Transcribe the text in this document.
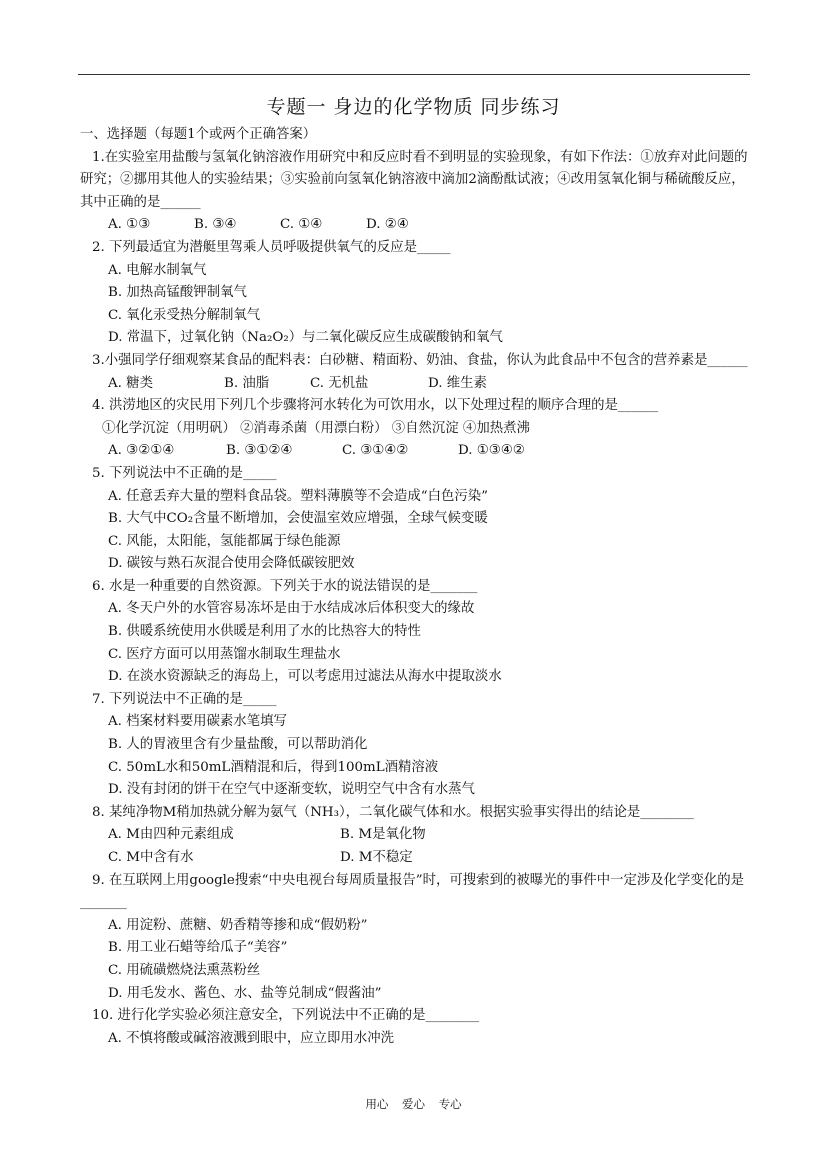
专题一 身边的化学物质 同步练习
一、选择题（每题1个或两个正确答案）
1.在实验室用盐酸与氢氧化钠溶液作用研究中和反应时看不到明显的实验现象，有如下作法：①放弃对此问题的研究；②挪用其他人的实验结果；③实验前向氢氧化钠溶液中滴加2滴酚酞试液；④改用氢氧化铜与稀硫酸反应，其中正确的是______
A. ①③	B. ③④	C. ①④	D. ②④
2. 下列最适宜为潜艇里驾乘人员呼吸提供氧气的反应是_____
A. 电解水制氧气
B. 加热高锰酸钾制氧气
C. 氧化汞受热分解制氧气
D. 常温下，过氧化钠（Na₂O₂）与二氧化碳反应生成碳酸钠和氧气
3.小强同学仔细观察某食品的配料表：白砂糖、精面粉、奶油、食盐，你认为此食品中不包含的营养素是______
A. 糖类	B. 油脂	C. 无机盐	D. 维生素
4. 洪涝地区的灾民用下列几个步骤将河水转化为可饮用水，以下处理过程的顺序合理的是______
①化学沉淀（用明矾） ②消毒杀菌（用漂白粉） ③自然沉淀 ④加热煮沸
A. ③②①④	B. ③①②④	C. ③①④②	D. ①③④②
5. 下列说法中不正确的是_____
A. 任意丢弃大量的塑料食品袋。塑料薄膜等不会造成“白色污染”
B. 大气中CO₂含量不断增加，会使温室效应增强，全球气候变暖
C. 风能，太阳能，氢能都属于绿色能源
D. 碳铵与熟石灰混合使用会降低碳铵肥效
6. 水是一种重要的自然资源。下列关于水的说法错误的是_______
A. 冬天户外的水管容易冻坏是由于水结成冰后体积变大的缘故
B. 供暖系统使用水供暖是利用了水的比热容大的特性
C. 医疗方面可以用蒸馏水制取生理盐水
D. 在淡水资源缺乏的海岛上，可以考虑用过滤法从海水中提取淡水
7. 下列说法中不正确的是_____
A. 档案材料要用碳素水笔填写
B. 人的胃液里含有少量盐酸，可以帮助消化
C. 50mL水和50mL酒精混和后，得到100mL酒精溶液
D. 没有封闭的饼干在空气中逐渐变软，说明空气中含有水蒸气
8. 某纯净物M稍加热就分解为氨气（NH₃），二氧化碳气体和水。根据实验事实得出的结论是________
A. M由四种元素组成	B. M是氧化物
C. M中含有水	D. M不稳定
9. 在互联网上用google搜索“中央电视台每周质量报告”时，可搜索到的被曝光的事件中一定涉及化学变化的是_______
A. 用淀粉、蔗糖、奶香精等掺和成“假奶粉”
B. 用工业石蜡等给瓜子“美容”
C. 用硫磺燃烧法熏蒸粉丝
D. 用毛发水、酱色、水、盐等兑制成“假酱油”
10. 进行化学实验必须注意安全，下列说法中不正确的是________
A. 不慎将酸或碱溶液溅到眼中，应立即用水冲洗
用心 爱心 专心
